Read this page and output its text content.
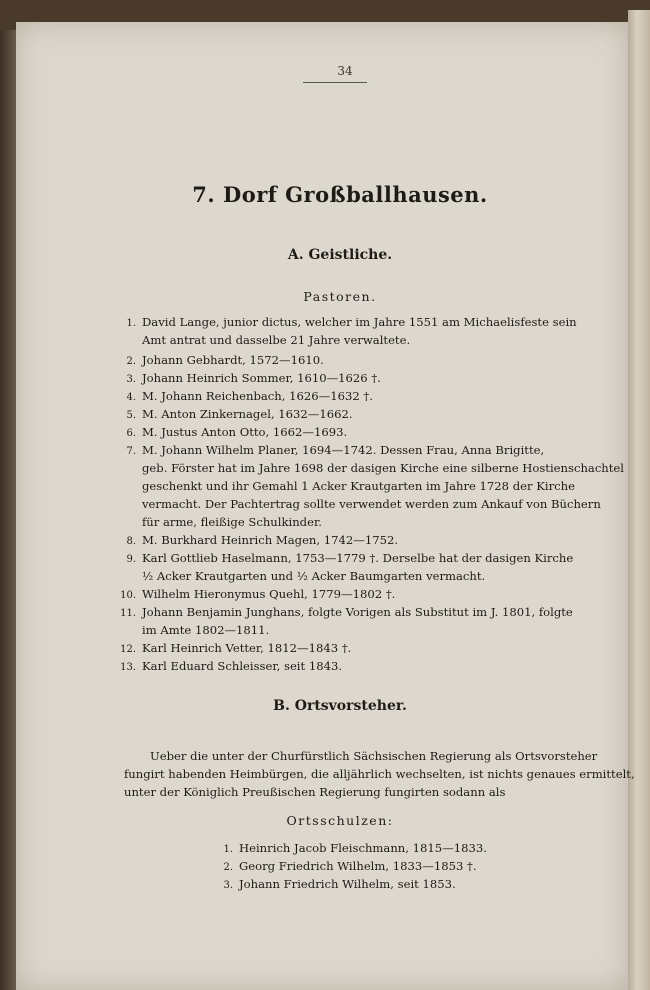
34
7. Dorf Großballhausen.
A. Geistliche.
Pastoren.
1. David Lange, junior dictus, welcher im Jahre 1551 am Michaelisfeste sein
Amt antrat und dasselbe 21 Jahre verwaltete.
2. Johann Gebhardt, 1572—1610.
3. Johann Heinrich Sommer, 1610—1626 †.
4. M. Johann Reichenbach, 1626—1632 †.
5. M. Anton Zinkernagel, 1632—1662.
6. M. Justus Anton Otto, 1662—1693.
7. M. Johann Wilhelm Planer, 1694—1742. Dessen Frau, Anna Brigitte,
geb. Förster hat im Jahre 1698 der dasigen Kirche eine silberne Hostienschachtel
geschenkt und ihr Gemahl 1 Acker Krautgarten im Jahre 1728 der Kirche
vermacht. Der Pachtertrag sollte verwendet werden zum Ankauf von Büchern
für arme, fleißige Schulkinder.
8. M. Burkhard Heinrich Magen, 1742—1752.
9. Karl Gottlieb Haselmann, 1753—1779 †. Derselbe hat der dasigen Kirche
½ Acker Krautgarten und ½ Acker Baumgarten vermacht.
10. Wilhelm Hieronymus Quehl, 1779—1802 †.
11. Johann Benjamin Junghans, folgte Vorigen als Substitut im J. 1801, folgte
im Amte 1802—1811.
12. Karl Heinrich Vetter, 1812—1843 †.
13. Karl Eduard Schleisser, seit 1843.
B. Ortsvorsteher.
Ueber die unter der Churfürstlich Sächsischen Regierung als Ortsvorsteher
fungirt habenden Heimbürgen, die alljährlich wechselten, ist nichts genaues ermittelt,
unter der Königlich Preußischen Regierung fungirten sodann als
Ortsschulzen:
1. Heinrich Jacob Fleischmann, 1815—1833.
2. Georg Friedrich Wilhelm, 1833—1853 †.
3. Johann Friedrich Wilhelm, seit 1853.
